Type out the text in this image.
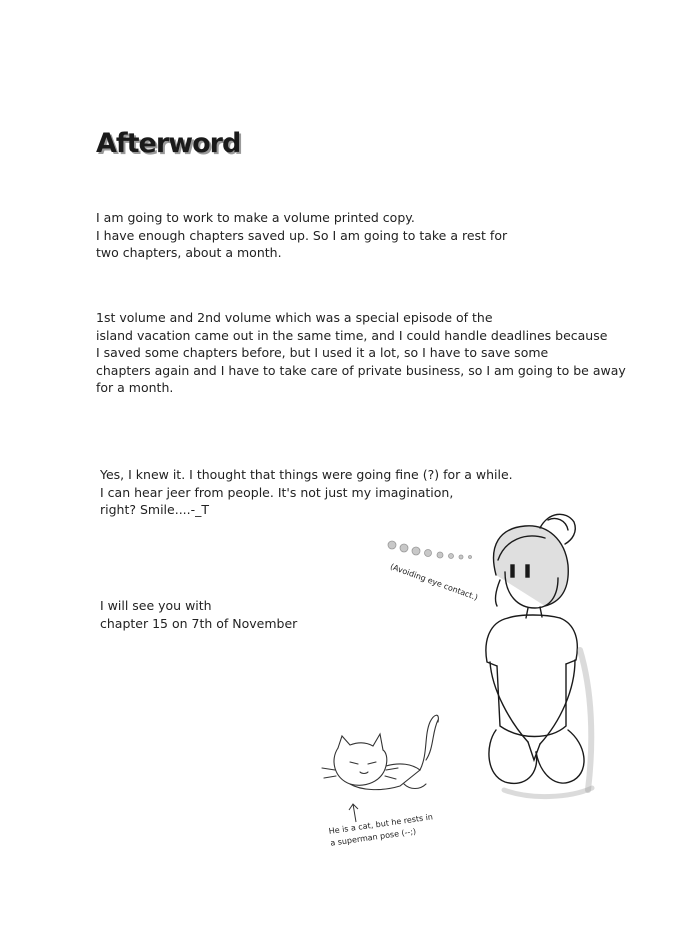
Afterword
I am going to work to make a volume printed copy.
I have enough chapters saved up. So I am going to take a rest for
two chapters, about a month.
1st volume and 2nd volume which was a special episode of the
island vacation came out in the same time, and I could handle deadlines because
I saved some chapters before, but I used it a lot, so I have to save some
chapters again and I have to take care of private business, so I am going to be away
for a month.
Yes, I knew it. I thought that things were going fine (?) for a while.
I can hear jeer from people. It's not just my imagination,
right? Smile....-_T
I will see you with
chapter 15 on 7th of November
(Avoiding eye contact.)
He is a cat, but he rests in
a superman pose (--;)
